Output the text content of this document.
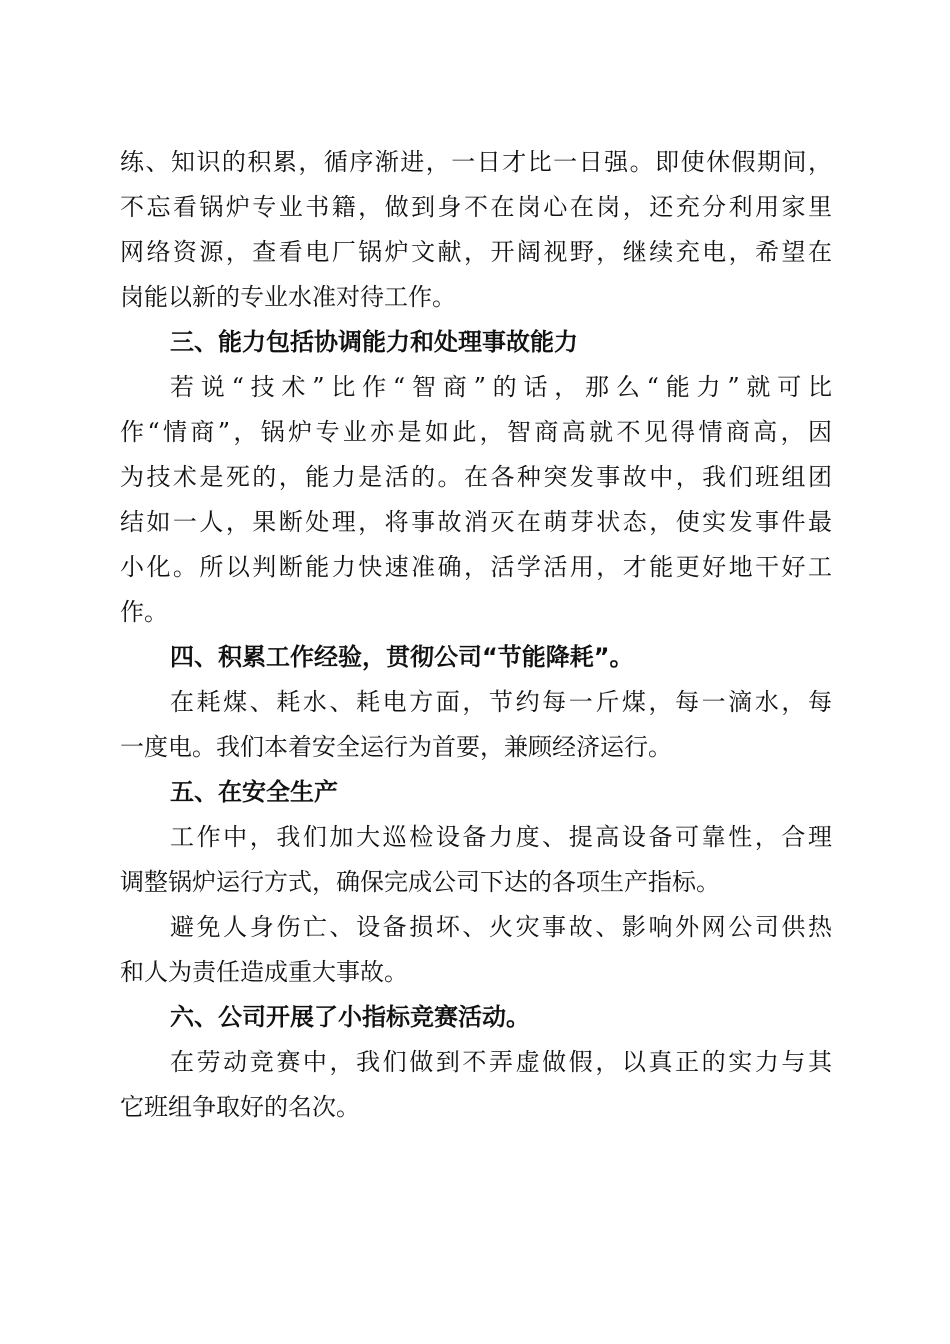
练、知识的积累，循序渐进，一日才比一日强。即使休假期间，
不忘看锅炉专业书籍，做到身不在岗心在岗，还充分利用家里
网络资源，查看电厂锅炉文献，开阔视野，继续充电，希望在
岗能以新的专业水准对待工作。
三、能力包括协调能力和处理事故能力
若说“技术”比作“智商”的话，那么“能力”就可比
作“情商”，锅炉专业亦是如此，智商高就不见得情商高，因
为技术是死的，能力是活的。在各种突发事故中，我们班组团
结如一人，果断处理，将事故消灭在萌芽状态，使实发事件最
小化。所以判断能力快速准确，活学活用，才能更好地干好工
作。
四、积累工作经验，贯彻公司“节能降耗”。
在耗煤、耗水、耗电方面，节约每一斤煤，每一滴水，每
一度电。我们本着安全运行为首要，兼顾经济运行。
五、在安全生产
工作中，我们加大巡检设备力度、提高设备可靠性，合理
调整锅炉运行方式，确保完成公司下达的各项生产指标。
避免人身伤亡、设备损坏、火灾事故、影响外网公司供热
和人为责任造成重大事故。
六、公司开展了小指标竞赛活动。
在劳动竞赛中，我们做到不弄虚做假，以真正的实力与其
它班组争取好的名次。
